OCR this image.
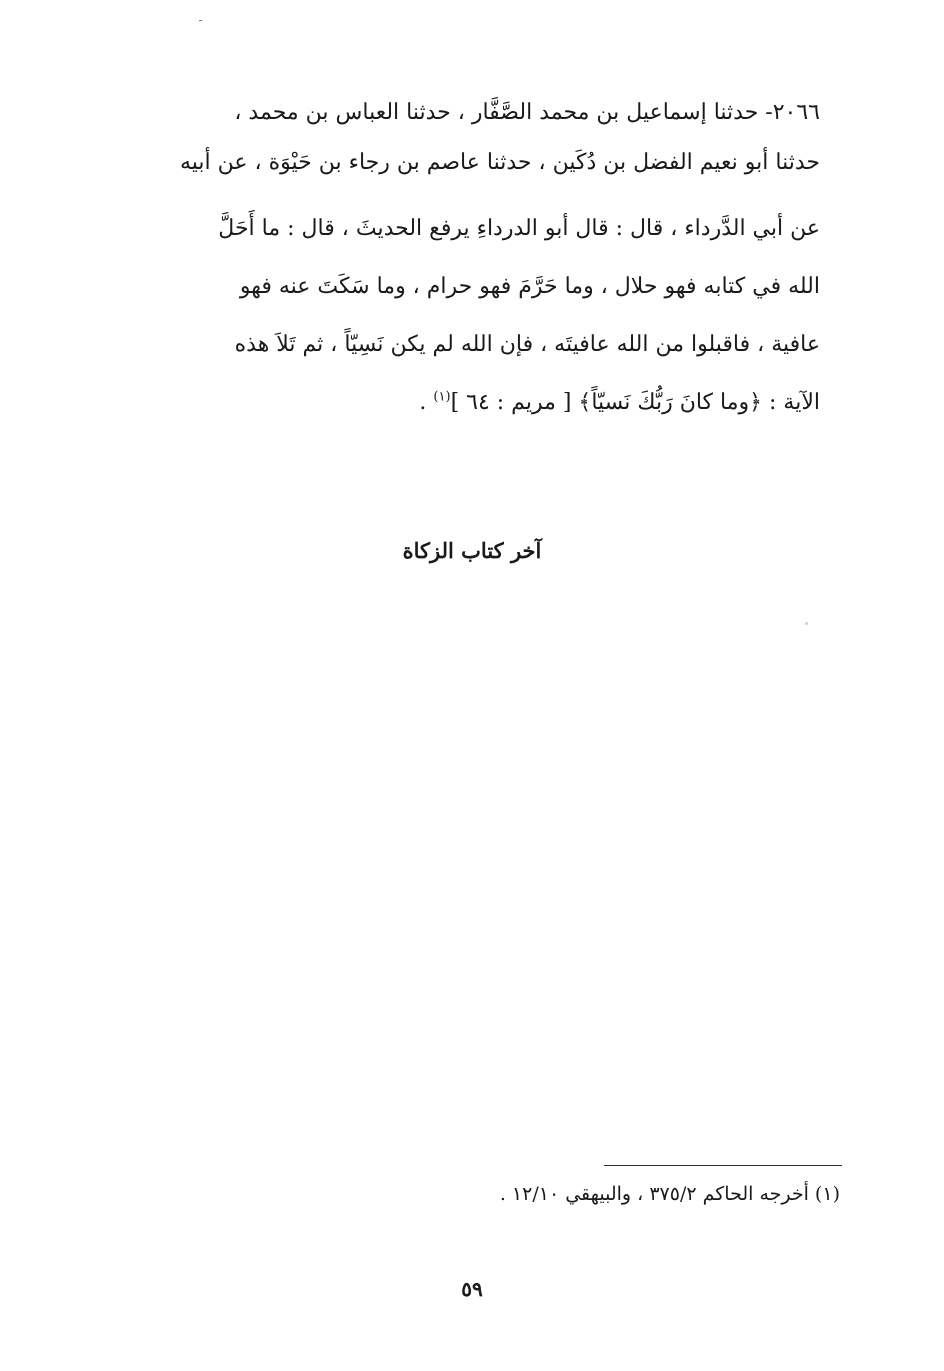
٢٠٦٦- حدثنا إسماعيل بن محمد الصَّفَّار ، حدثنا العباس بن محمد ،
حدثنا أبو نعيم الفضل بن دُكَين ، حدثنا عاصم بن رجاء بن حَيْوَة ، عن أبيه
عن أبي الدَّرداء ، قال : قال أبو الدرداءِ يرفع الحديثَ ، قال : ما أَحَلَّ
الله في كتابه فهو حلال ، وما حَرَّمَ فهو حرام ، وما سَكَتَ عنه فهو
عافية ، فاقبلوا من الله عافيتَه ، فإن الله لم يكن نَسِيّاً ، ثم تَلاَ هذه
الآية : ﴿وما كانَ رَبُّكَ نَسيّاً﴾ [ مريم : ٦٤ ]$^{(١)}$ .
آخر كتاب الزكاة
(١) أخرجه الحاكم ٣٧٥/٢ ، والبيهقي ١٢/١٠ .
٥٩
